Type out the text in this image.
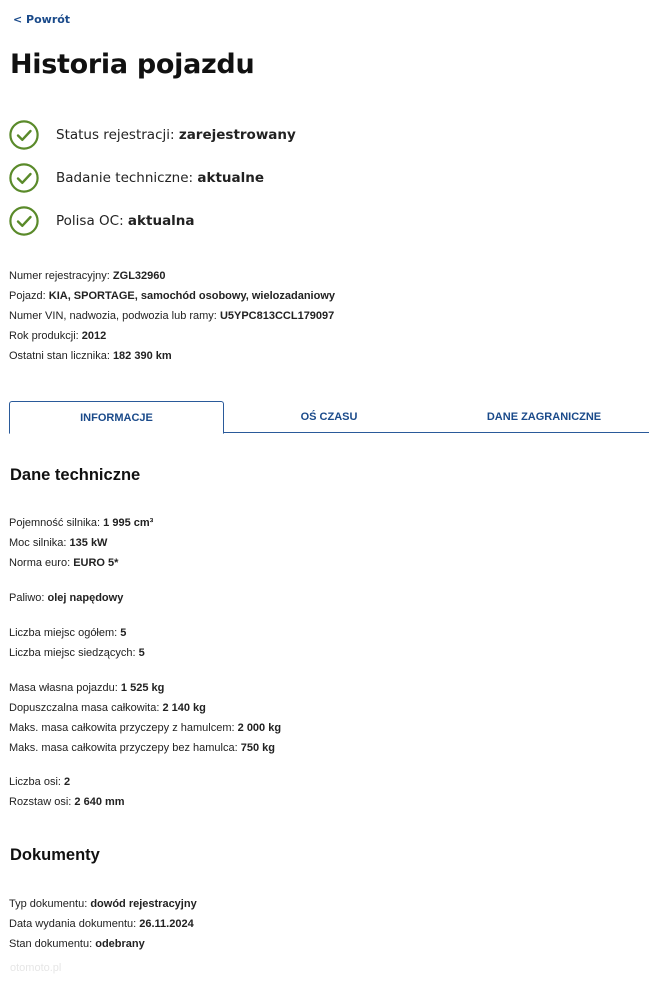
< Powrót
Historia pojazdu
Status rejestracji: zarejestrowany
Badanie techniczne: aktualne
Polisa OC: aktualna
Numer rejestracyjny: ZGL32960
Pojazd: KIA, SPORTAGE, samochód osobowy, wielozadaniowy
Numer VIN, nadwozia, podwozia lub ramy: U5YPC813CCL179097
Rok produkcji: 2012
Ostatni stan licznika: 182 390 km
INFORMACJE	OŚ CZASU	DANE ZAGRANICZNE
Dane techniczne
Pojemność silnika: 1 995 cm³
Moc silnika: 135 kW
Norma euro: EURO 5*
Paliwo: olej napędowy
Liczba miejsc ogółem: 5
Liczba miejsc siedzących: 5
Masa własna pojazdu: 1 525 kg
Dopuszczalna masa całkowita: 2 140 kg
Maks. masa całkowita przyczepy z hamulcem: 2 000 kg
Maks. masa całkowita przyczepy bez hamulca: 750 kg
Liczba osi: 2
Rozstaw osi: 2 640 mm
Dokumenty
Typ dokumentu: dowód rejestracyjny
Data wydania dokumentu: 26.11.2024
Stan dokumentu: odebrany
otomoto.pl
